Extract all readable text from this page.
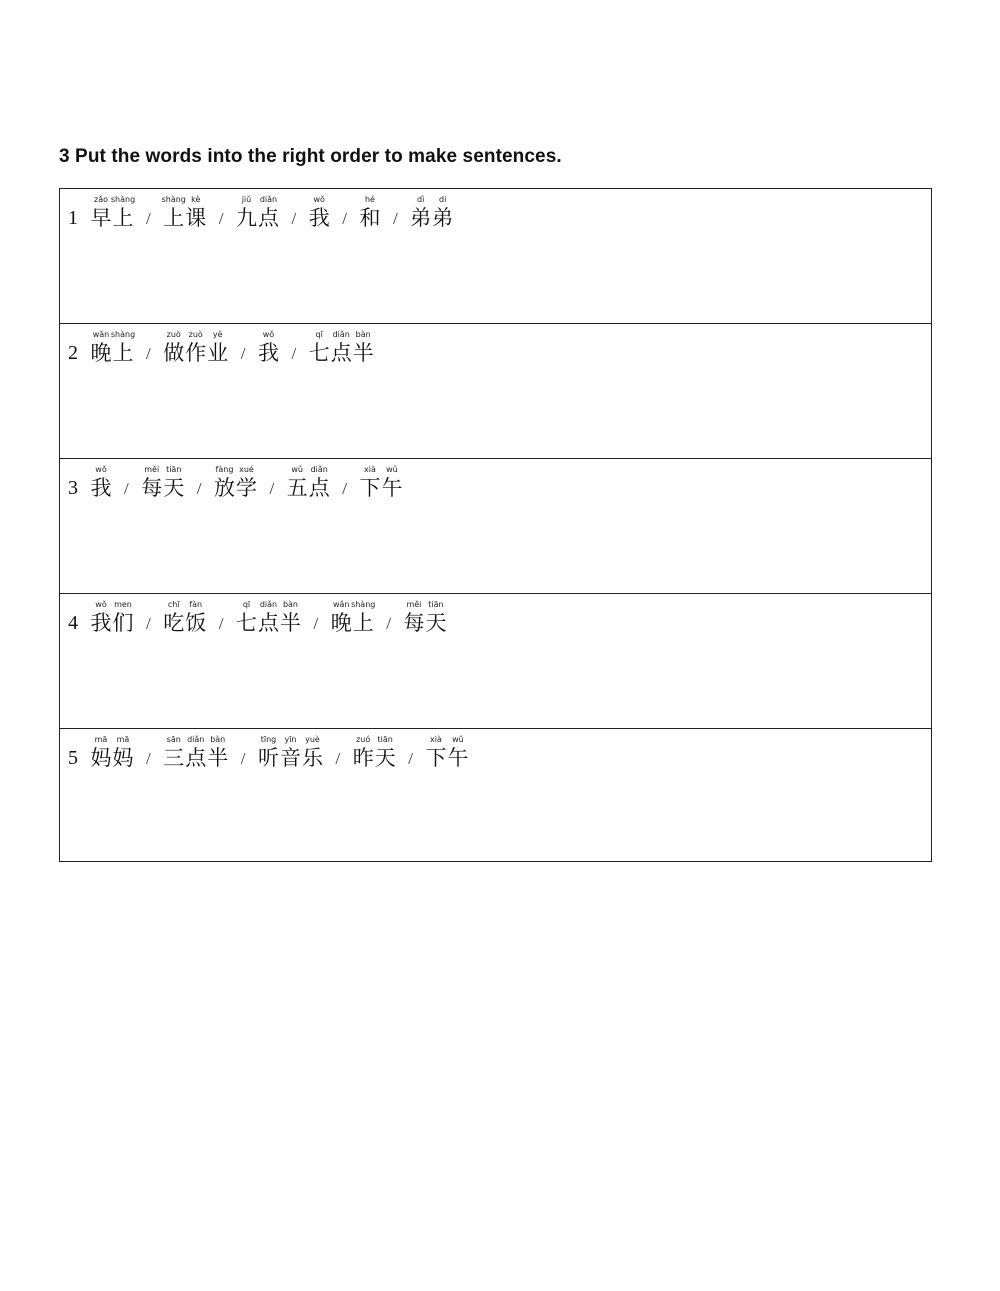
3 Put the words into the right order to make sentences.
1
zǎo
早
shàng
上 /
shàng
上
kè
课 /
jiǔ
九
diǎn
点 /
wǒ
我 /
hé
和 /
dì
弟
di
弟
2
wǎn
晚
shàng
上 /
zuò
做
zuò
作
yè
业 /
wǒ
我 /
qī
七
diǎn
点
bàn
半
3
wǒ
我 /
měi
每
tiān
天 /
fàng
放
xué
学 /
wǔ
五
diǎn
点 /
xià
下
wǔ
午
4
wǒ
我
men
们 /
chī
吃
fàn
饭 /
qī
七
diǎn
点
bàn
半 /
wǎn
晚
shàng
上 /
měi
每
tiān
天
5
mā
妈
mā
妈 /
sān
三
diǎn
点
bàn
半 /
tīng
听
yīn
音
yuè
乐 /
zuó
昨
tiān
天 /
xià
下
wǔ
午
